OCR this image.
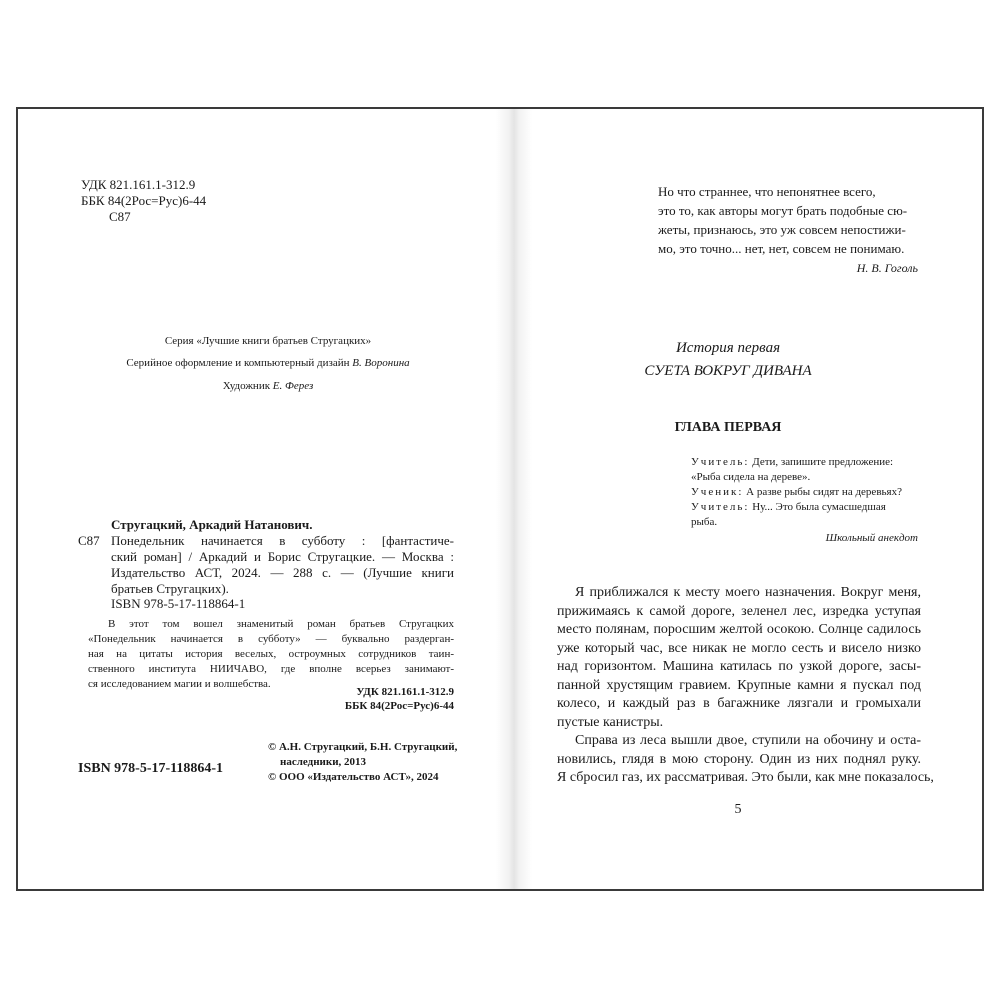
УДК 821.161.1-312.9
ББК 84(2Рос=Рус)6-44
С87
Серия «Лучшие книги братьев Стругацких»
Серийное оформление и компьютерный дизайн В. Воронина
Художник Е. Ферез
Стругацкий, Аркадий Натанович.
С87 Понедельник начинается в субботу : [фантастиче-
ский роман] / Аркадий и Борис Стругацкие. — Москва :
Издательство АСТ, 2024. — 288 с. — (Лучшие книги
братьев Стругацких).
ISBN 978-5-17-118864-1
В этот том вошел знаменитый роман братьев Стругацких
«Понедельник начинается в субботу» — буквально раздерган-
ная на цитаты история веселых, остроумных сотрудников таин-
ственного института НИИЧАВО, где вполне всерьез занимают-
ся исследованием магии и волшебства.
УДК 821.161.1-312.9
ББК 84(2Рос=Рус)6-44
ISBN 978-5-17-118864-1
© А.Н. Стругацкий, Б.Н. Стругацкий,
наследники, 2013
© ООО «Издательство АСТ», 2024
Но что страннее, что непонятнее всего,
это то, как авторы могут брать подобные сю-
жеты, признаюсь, это уж совсем непостижи-
мо, это точно... нет, нет, совсем не понимаю.
Н. В. Гоголь
История первая
СУЕТА ВОКРУГ ДИВАНА
ГЛАВА ПЕРВАЯ
Учитель: Дети, запишите предложение:
«Рыба сидела на дереве».
Ученик: А разве рыбы сидят на деревьях?
Учитель: Ну... Это была сумасшедшая
рыба.
Школьный анекдот
Я приближался к месту моего назначения. Вокруг меня,
прижимаясь к самой дороге, зеленел лес, изредка уступая
место полянам, поросшим желтой осокою. Солнце садилось
уже который час, все никак не могло сесть и висело низко
над горизонтом. Машина катилась по узкой дороге, засы-
панной хрустящим гравием. Крупные камни я пускал под
колесо, и каждый раз в багажнике лязгали и громыхали
пустые канистры.
Справа из леса вышли двое, ступили на обочину и оста-
новились, глядя в мою сторону. Один из них поднял руку.
Я сбросил газ, их рассматривая. Это были, как мне показалось,
5
